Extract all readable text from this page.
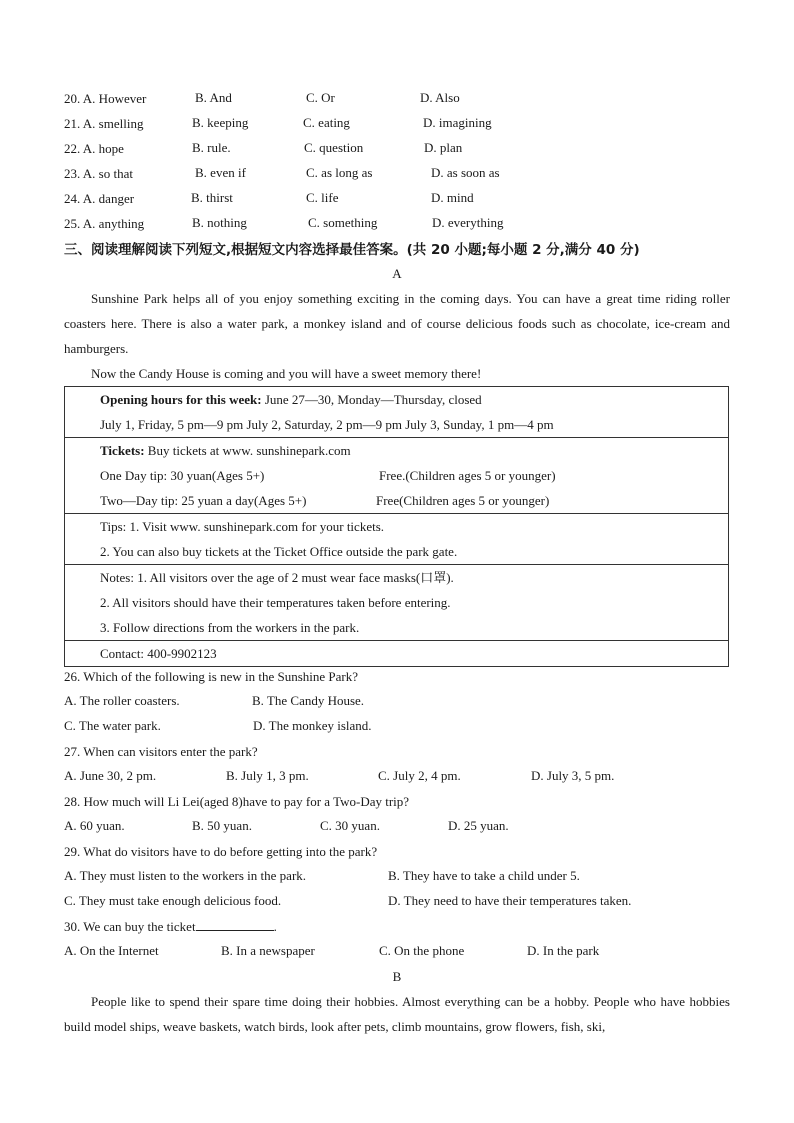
20. A. However	B. And	C. Or	D. Also
21. A. smelling	B. keeping	C. eating	D. imagining
22. A. hope	B. rule.	C. question	D. plan
23. A. so that	B. even if	C. as long as	D. as soon as
24. A. danger	B. thirst	C. life	D. mind
25. A. anything	B. nothing	C. something	D. everything
三、阅读理解阅读下列短文,根据短文内容选择最佳答案。(共 20 小题;每小题 2 分,满分 40 分)
A
Sunshine Park helps all of you enjoy something exciting in the coming days. You can have a great time riding roller coasters here. There is also a water park, a monkey island and of course delicious foods such as chocolate, ice-cream and hamburgers.
Now the Candy House is coming and you will have a sweet memory there!
Opening hours for this week: June 27—30, Monday—Thursday, closed
July 1, Friday, 5 pm—9 pm July 2, Saturday, 2 pm—9 pm July 3, Sunday, 1 pm—4 pm

Tickets: Buy tickets at www. sunshinepark.com
One Day tip: 30 yuan(Ages 5+)	Free.(Children ages 5 or younger)
Two—Day tip: 25 yuan a day(Ages 5+)	Free(Children ages 5 or younger)

Tips: 1. Visit www. sunshinepark.com for your tickets.
2. You can also buy tickets at the Ticket Office outside the park gate.

Notes: 1. All visitors over the age of 2 must wear face masks(口罩).
2. All visitors should have their temperatures taken before entering.
3. Follow directions from the workers in the park.

Contact: 400-9902123
26. Which of the following is new in the Sunshine Park?
A. The roller coasters.	B. The Candy House.
C. The water park.	D. The monkey island.
27. When can visitors enter the park?
A. June 30, 2 pm.	B. July 1, 3 pm.	C. July 2, 4 pm.	D. July 3, 5 pm.
28. How much will Li Lei(aged 8)have to pay for a Two-Day trip?
A. 60 yuan.	B. 50 yuan.	C. 30 yuan.	D. 25 yuan.
29. What do visitors have to do before getting into the park?
A. They must listen to the workers in the park.	B. They have to take a child under 5.
C. They must take enough delicious food.	D. They need to have their temperatures taken.
30. We can buy the ticket	.
A. On the Internet	B. In a newspaper	C. On the phone	D. In the park
B
People like to spend their spare time doing their hobbies. Almost everything can be a hobby. People who have hobbies build model ships, weave baskets, watch birds, look after pets, climb mountains, grow flowers, fish, ski,
